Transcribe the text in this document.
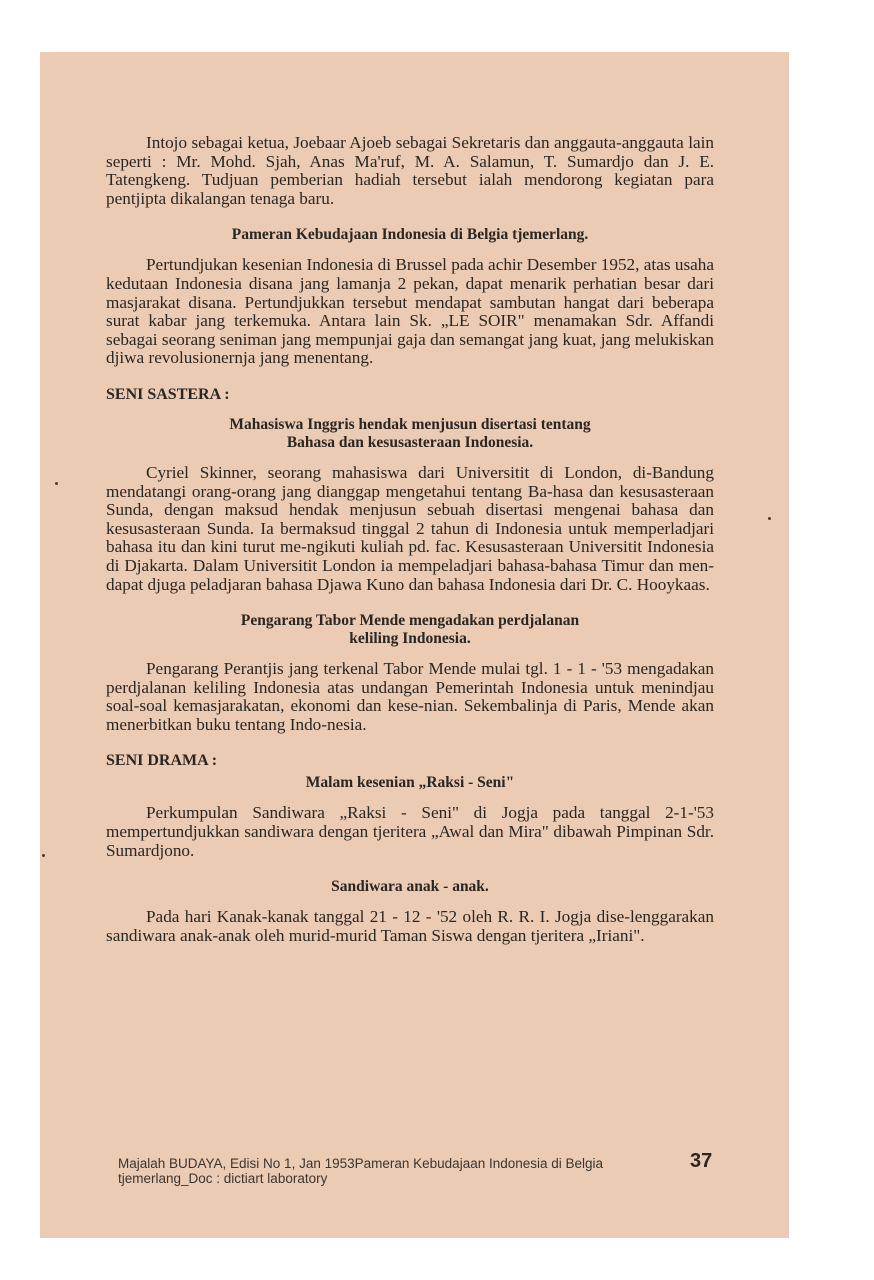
Intojo sebagai ketua, Joebaar Ajoeb sebagai Sekretaris dan anggauta-anggauta lain seperti : Mr. Mohd. Sjah, Anas Ma'ruf, M. A. Salamun, T. Sumardjo dan J. E. Tatengkeng. Tudjuan pemberian hadiah tersebut ialah mendorong kegiatan para pentjipta dikalangan tenaga baru.

Pameran Kebudajaan Indonesia di Belgia tjemerlang.

Pertundjukan kesenian Indonesia di Brussel pada achir Desember 1952, atas usaha kedutaan Indonesia disana jang lamanja 2 pekan, dapat menarik perhatian besar dari masjarakat disana. Pertundjukkan tersebut mendapat sambutan hangat dari beberapa surat kabar jang terkemuka. Antara lain Sk. „LE SOIR" menamakan Sdr. Affandi sebagai seorang seniman jang mempunjai gaja dan semangat jang kuat, jang melukiskan djiwa revolusionernja jang menentang.

SENI SASTERA :
Mahasiswa Inggris hendak menjusun disertasi tentang
Bahasa dan kesusasteraan Indonesia.

Cyriel Skinner, seorang mahasiswa dari Universitit di London, di-Bandung mendatangi orang-orang jang dianggap mengetahui tentang Ba-hasa dan kesusasteraan Sunda, dengan maksud hendak menjusun sebuah disertasi mengenai bahasa dan kesusasteraan Sunda. Ia bermaksud tinggal 2 tahun di Indonesia untuk memperladjari bahasa itu dan kini turut me-ngikuti kuliah pd. fac. Kesusasteraan Universitit Indonesia di Djakarta. Dalam Universitit London ia mempeladjari bahasa-bahasa Timur dan men-dapat djuga peladjaran bahasa Djawa Kuno dan bahasa Indonesia dari Dr. C. Hooykaas.

Pengarang Tabor Mende mengadakan perdjalanan
keliling Indonesia.

Pengarang Perantjis jang terkenal Tabor Mende mulai tgl. 1 - 1 - '53 mengadakan perdjalanan keliling Indonesia atas undangan Pemerintah Indonesia untuk menindjau soal-soal kemasjarakatan, ekonomi dan kese-nian. Sekembalinja di Paris, Mende akan menerbitkan buku tentang Indo-nesia.

SENI DRAMA :
Malam kesenian „Raksi - Seni"

Perkumpulan Sandiwara „Raksi - Seni" di Jogja pada tanggal 2-1-'53 mempertundjukkan sandiwara dengan tjeritera „Awal dan Mira" dibawah Pimpinan Sdr. Sumardjono.

Sandiwara anak - anak.

Pada hari Kanak-kanak tanggal 21 - 12 - '52 oleh R. R. I. Jogja dise-lenggarakan sandiwara anak-anak oleh murid-murid Taman Siswa dengan tjeritera „Iriani".

Majalah BUDAYA, Edisi No 1, Jan 1953Pameran Kebudajaan Indonesia di Belgia
tjemerlang_Doc : dictiart laboratory
37
